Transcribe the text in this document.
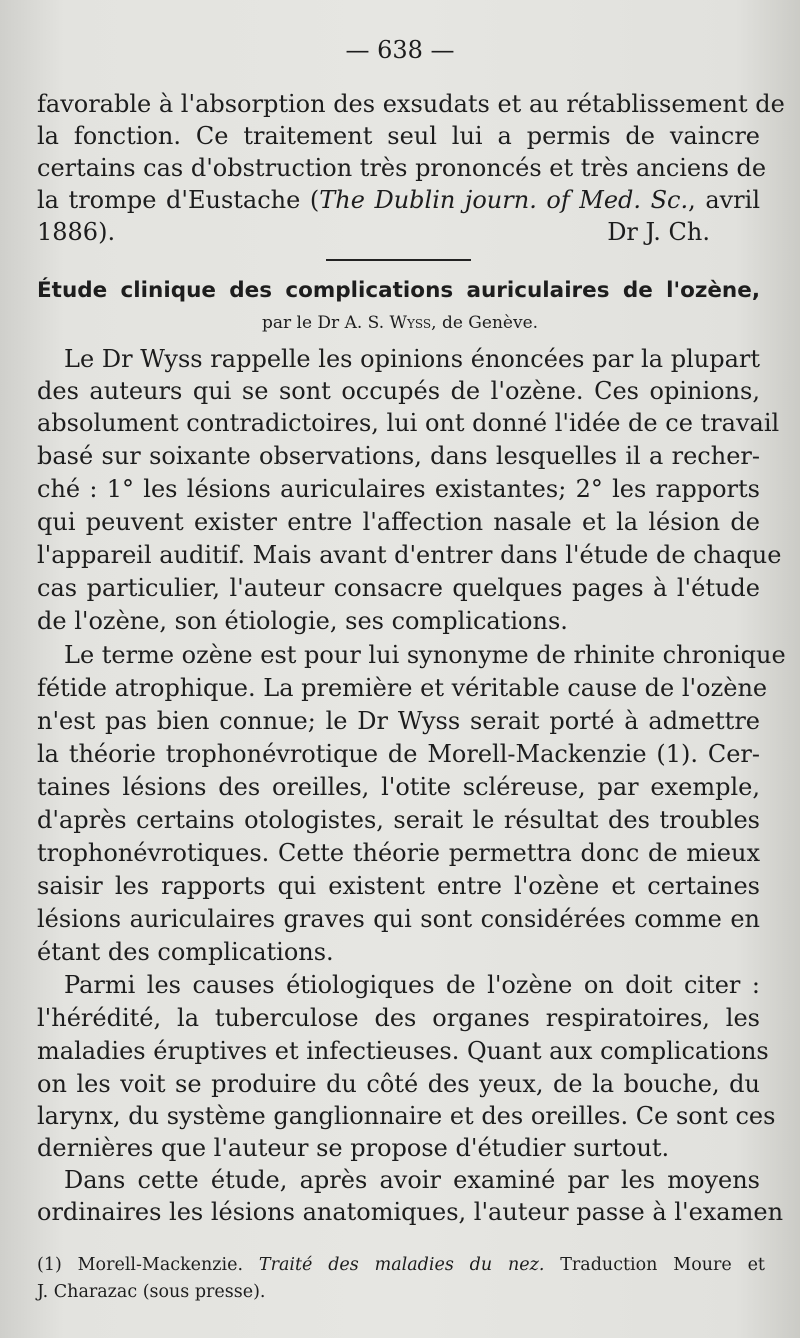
— 638 —
favorable à l'absorption des exsudats et au rétablissement de
la fonction. Ce traitement seul lui a permis de vaincre
certains cas d'obstruction très prononcés et très anciens de
la trompe d'Eustache (The Dublin journ. of Med. Sc., avril
1886).	Dr J. Ch.
Étude clinique des complications auriculaires de l'ozène,
par le Dr A. S. Wyss, de Genève.
Le Dr Wyss rappelle les opinions énoncées par la plupart
des auteurs qui se sont occupés de l'ozène. Ces opinions,
absolument contradictoires, lui ont donné l'idée de ce travail
basé sur soixante observations, dans lesquelles il a recher-
ché : 1° les lésions auriculaires existantes; 2° les rapports
qui peuvent exister entre l'affection nasale et la lésion de
l'appareil auditif. Mais avant d'entrer dans l'étude de chaque
cas particulier, l'auteur consacre quelques pages à l'étude
de l'ozène, son étiologie, ses complications.
Le terme ozène est pour lui synonyme de rhinite chronique
fétide atrophique. La première et véritable cause de l'ozène
n'est pas bien connue; le Dr Wyss serait porté à admettre
la théorie trophonévrotique de Morell-Mackenzie (1). Cer-
taines lésions des oreilles, l'otite scléreuse, par exemple,
d'après certains otologistes, serait le résultat des troubles
trophonévrotiques. Cette théorie permettra donc de mieux
saisir les rapports qui existent entre l'ozène et certaines
lésions auriculaires graves qui sont considérées comme en
étant des complications.
Parmi les causes étiologiques de l'ozène on doit citer :
l'hérédité, la tuberculose des organes respiratoires, les
maladies éruptives et infectieuses. Quant aux complications
on les voit se produire du côté des yeux, de la bouche, du
larynx, du système ganglionnaire et des oreilles. Ce sont ces
dernières que l'auteur se propose d'étudier surtout.
Dans cette étude, après avoir examiné par les moyens
ordinaires les lésions anatomiques, l'auteur passe à l'examen
(1) Morell-Mackenzie. Traité des maladies du nez. Traduction Moure et
J. Charazac (sous presse).
